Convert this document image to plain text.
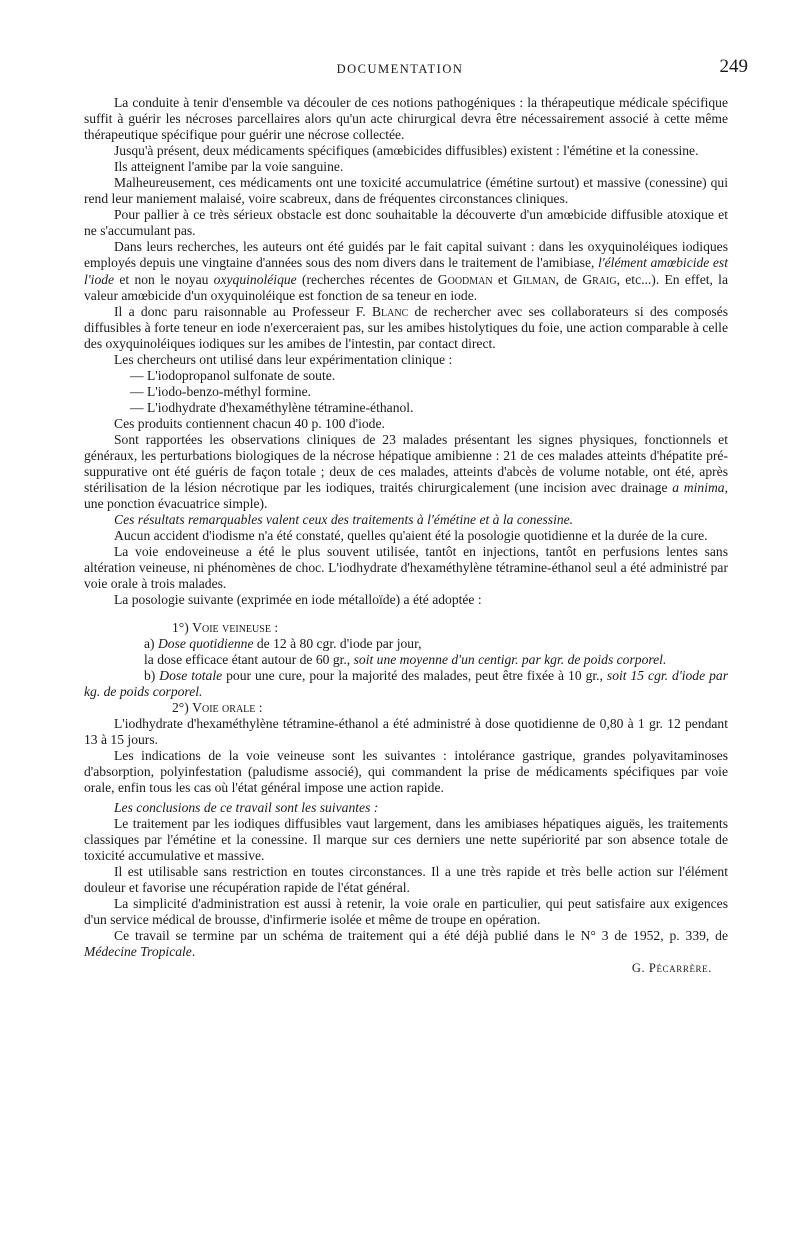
DOCUMENTATION	249

La conduite à tenir d'ensemble va découler de ces notions pathogéniques : la thérapeutique médicale spécifique suffit à guérir les nécroses parcellaires alors qu'un acte chirurgical devra être nécessairement associé à cette même thérapeutique spécifique pour guérir une nécrose collectée.

Jusqu'à présent, deux médicaments spécifiques (amœbicides diffusibles) existent : l'émétine et la conessine.

Ils atteignent l'amibe par la voie sanguine.

Malheureusement, ces médicaments ont une toxicité accumulatrice (émétine surtout) et massive (conessine) qui rend leur maniement malaisé, voire scabreux, dans de fréquentes circonstances cliniques.

Pour pallier à ce très sérieux obstacle est donc souhaitable la découverte d'un amœbicide diffusible atoxique et ne s'accumulant pas.

Dans leurs recherches, les auteurs ont été guidés par le fait capital suivant : dans les oxyquinoléiques iodiques employés depuis une vingtaine d'années sous des nom divers dans le traitement de l'amibiase, l'élément amœbicide est l'iode et non le noyau oxyquinoléique (recherches récentes de Goodman et Gilman, de Graig, etc...). En effet, la valeur amœbicide d'un oxyquinoléique est fonction de sa teneur en iode.

Il a donc paru raisonnable au Professeur F. Blanc de rechercher avec ses collaborateurs si des composés diffusibles à forte teneur en iode n'exerceraient pas, sur les amibes histolytiques du foie, une action comparable à celle des oxyquinoléiques iodiques sur les amibes de l'intestin, par contact direct.

Les chercheurs ont utilisé dans leur expérimentation clinique :

— L'iodopropanol sulfonate de soute.

— L'iodo-benzo-méthyl formine.

— L'iodhydrate d'hexaméthylène tétramine-éthanol.

Ces produits contiennent chacun 40 p. 100 d'iode.

Sont rapportées les observations cliniques de 23 malades présentant les signes physiques, fonctionnels et généraux, les perturbations biologiques de la nécrose hépatique amibienne : 21 de ces malades atteints d'hépatite pré-suppurative ont été guéris de façon totale ; deux de ces malades, atteints d'abcès de volume notable, ont été, après stérilisation de la lésion nécrotique par les iodiques, traités chirurgicalement (une incision avec drainage a minima, une ponction évacuatrice simple).

Ces résultats remarquables valent ceux des traitements à l'émétine et à la conessine.

Aucun accident d'iodisme n'a été constaté, quelles qu'aient été la posologie quotidienne et la durée de la cure.

La voie endoveineuse a été le plus souvent utilisée, tantôt en injections, tantôt en perfusions lentes sans altération veineuse, ni phénomènes de choc. L'iodhydrate d'hexaméthylène tétramine-éthanol seul a été administré par voie orale à trois malades.

La posologie suivante (exprimée en iode métalloïde) a été adoptée :

1°) Voie veineuse :

a) Dose quotidienne de 12 à 80 cgr. d'iode par jour,

la dose efficace étant autour de 60 gr., soit une moyenne d'un centigr. par kgr. de poids corporel.

b) Dose totale pour une cure, pour la majorité des malades, peut être fixée à 10 gr., soit 15 cgr. d'iode par kg. de poids corporel.

2°) Voie orale :

L'iodhydrate d'hexaméthylène tétramine-éthanol a été administré à dose quotidienne de 0,80 à 1 gr. 12 pendant 13 à 15 jours.

Les indications de la voie veineuse sont les suivantes : intolérance gastrique, grandes polyavitaminoses d'absorption, polyinfestation (paludisme associé), qui commandent la prise de médicaments spécifiques par voie orale, enfin tous les cas où l'état général impose une action rapide.

Les conclusions de ce travail sont les suivantes :

Le traitement par les iodiques diffusibles vaut largement, dans les amibiases hépatiques aiguës, les traitements classiques par l'émétine et la conessine. Il marque sur ces derniers une nette supériorité par son absence totale de toxicité accumulative et massive.

Il est utilisable sans restriction en toutes circonstances. Il a une très rapide et très belle action sur l'élément douleur et favorise une récupération rapide de l'état général.

La simplicité d'administration est aussi à retenir, la voie orale en particulier, qui peut satisfaire aux exigences d'un service médical de brousse, d'infirmerie isolée et même de troupe en opération.

Ce travail se termine par un schéma de traitement qui a été déjà publié dans le N° 3 de 1952, p. 339, de Médecine Tropicale.

G. Pécarrère.
